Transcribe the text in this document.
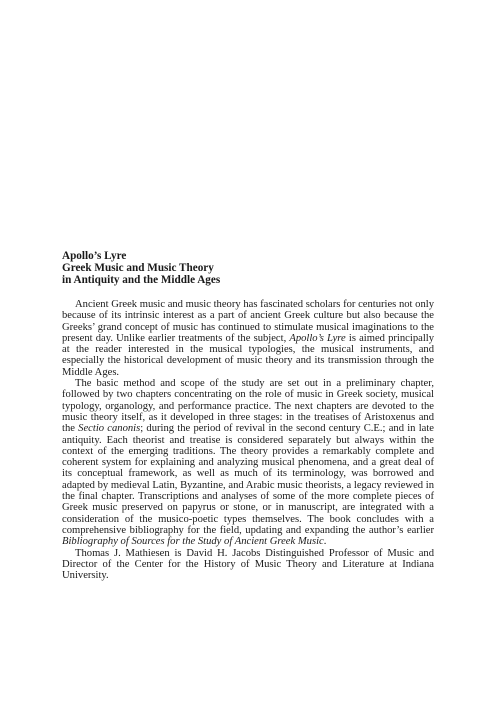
Apollo’s Lyre
Greek Music and Music Theory
in Antiquity and the Middle Ages

Ancient Greek music and music theory has fascinated scholars for centuries not only because of its intrinsic interest as a part of ancient Greek culture but also because the Greeks’ grand concept of music has continued to stimulate musical imaginations to the present day. Unlike earlier treatments of the subject, Apollo’s Lyre is aimed principally at the reader interested in the musical typologies, the musical instruments, and especially the historical development of music theory and its transmission through the Middle Ages.

The basic method and scope of the study are set out in a preliminary chapter, followed by two chapters concentrating on the role of music in Greek society, musical typology, organology, and performance practice. The next chapters are devoted to the music theory itself, as it developed in three stages: in the treatises of Aristoxenus and the Sectio canonis; during the period of revival in the second century C.E.; and in late antiquity. Each theorist and treatise is considered separately but always within the context of the emerging traditions. The theory provides a remarkably complete and coherent system for explaining and analyzing musical phenomena, and a great deal of its conceptual framework, as well as much of its terminology, was borrowed and adapted by medieval Latin, Byzantine, and Arabic music theorists, a legacy reviewed in the final chapter. Transcriptions and analyses of some of the more complete pieces of Greek music preserved on papyrus or stone, or in manuscript, are integrated with a consideration of the musico-poetic types themselves. The book concludes with a comprehensive bibliography for the field, updating and expanding the author’s earlier Bibliography of Sources for the Study of Ancient Greek Music.

Thomas J. Mathiesen is David H. Jacobs Distinguished Professor of Music and Director of the Center for the History of Music Theory and Literature at Indiana University.
